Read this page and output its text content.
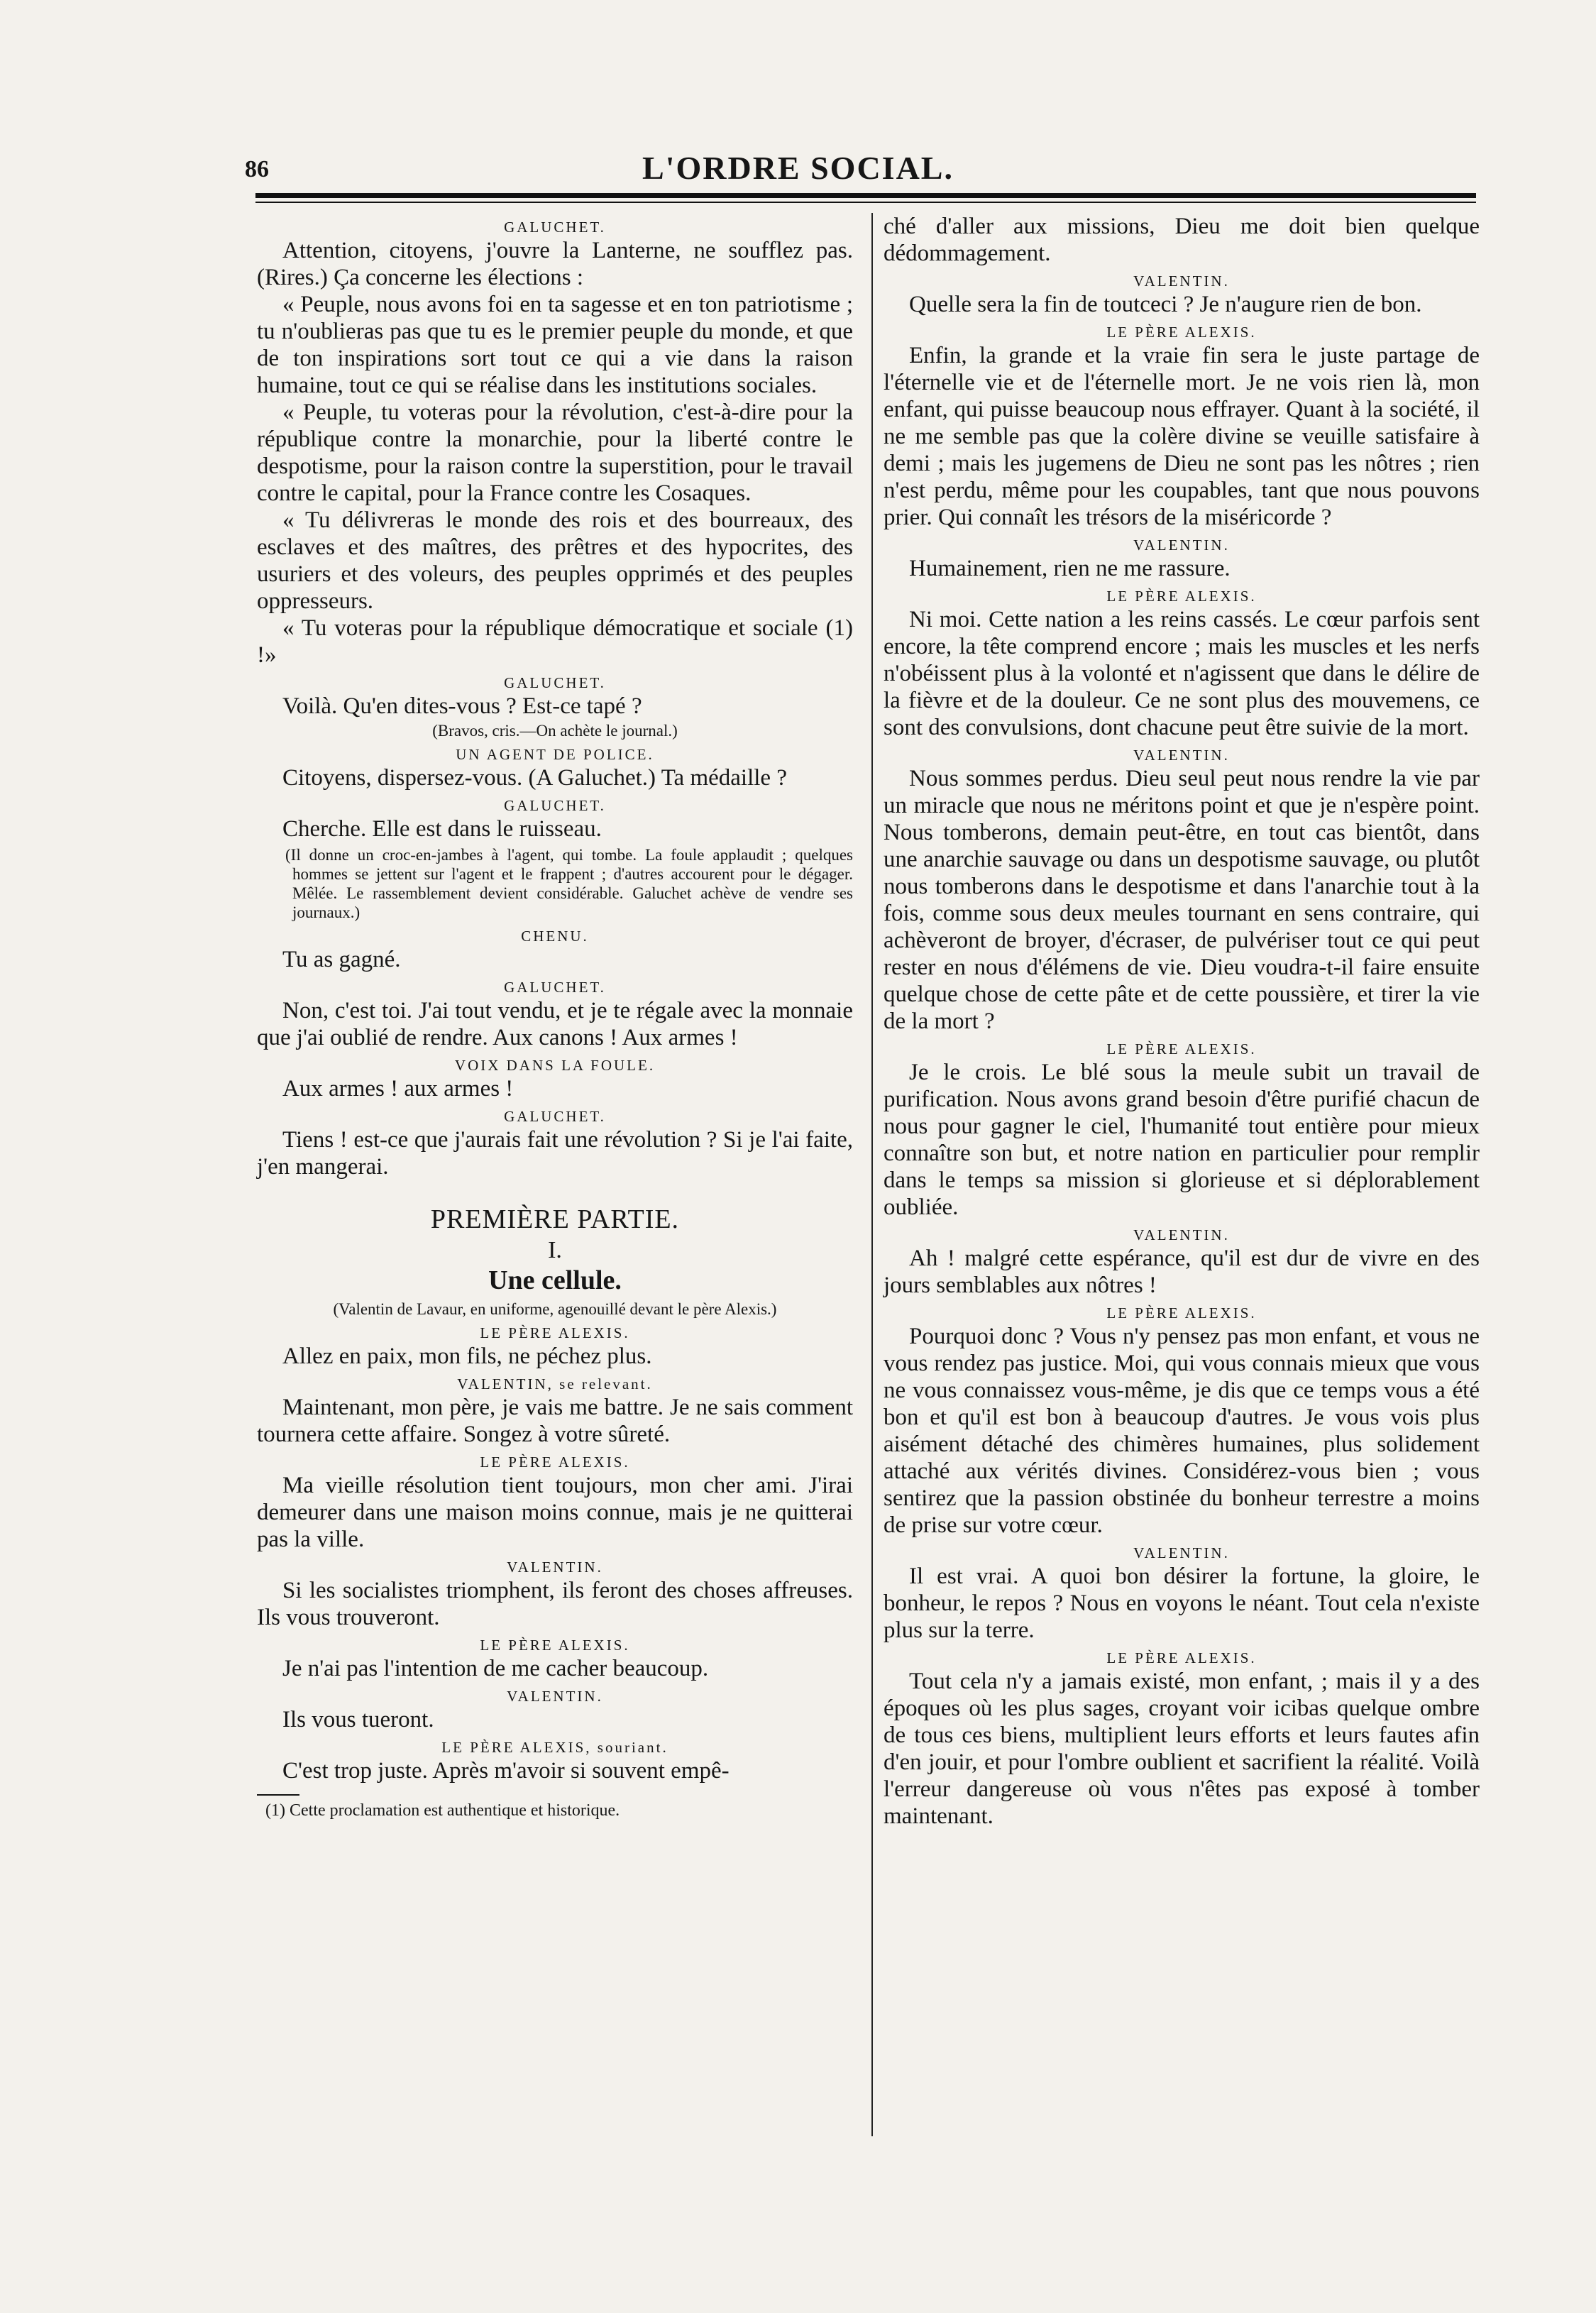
86	L'ORDRE SOCIAL.
GALUCHET.
Attention, citoyens, j'ouvre la Lanterne, ne soufflez pas. (Rires.) Ça concerne les élections :
« Peuple, nous avons foi en ta sagesse et en ton patriotisme ; tu n'oublieras pas que tu es le premier peuple du monde, et que de ton inspirations sort tout ce qui a vie dans la raison humaine, tout ce qui se réalise dans les institutions sociales.
« Peuple, tu voteras pour la révolution, c'est-à-dire pour la république contre la monarchie, pour la liberté contre le despotisme, pour la raison contre la superstition, pour le travail contre le capital, pour la France contre les Cosaques.
« Tu délivreras le monde des rois et des bourreaux, des esclaves et des maîtres, des prêtres et des hypocrites, des usuriers et des voleurs, des peuples opprimés et des peuples oppresseurs.
« Tu voteras pour la république démocratique et sociale (1) !»
GALUCHET.
Voilà. Qu'en dites-vous ? Est-ce tapé ?
(Bravos, cris.—On achète le journal.)
UN AGENT DE POLICE.
Citoyens, dispersez-vous. (A Galuchet.) Ta médaille ?
GALUCHET.
Cherche. Elle est dans le ruisseau.
(Il donne un croc-en-jambes à l'agent, qui tombe. La foule applaudit ; quelques hommes se jettent sur l'agent et le frappent ; d'autres accourent pour le dégager. Mêlée. Le rassemblement devient considérable. Galuchet achève de vendre ses journaux.)
CHENU.
Tu as gagné.
GALUCHET.
Non, c'est toi. J'ai tout vendu, et je te régale avec la monnaie que j'ai oublié de rendre. Aux canons ! Aux armes !
VOIX DANS LA FOULE.
Aux armes ! aux armes !
GALUCHET.
Tiens ! est-ce que j'aurais fait une révolution ? Si je l'ai faite, j'en mangerai.
PREMIÈRE PARTIE.
I.
Une cellule.
(Valentin de Lavaur, en uniforme, agenouillé devant le père Alexis.)
LE PÈRE ALEXIS.
Allez en paix, mon fils, ne péchez plus.
VALENTIN, se relevant.
Maintenant, mon père, je vais me battre. Je ne sais comment tournera cette affaire. Songez à votre sûreté.
LE PÈRE ALEXIS.
Ma vieille résolution tient toujours, mon cher ami. J'irai demeurer dans une maison moins connue, mais je ne quitterai pas la ville.
VALENTIN.
Si les socialistes triomphent, ils feront des choses affreuses. Ils vous trouveront.
LE PÈRE ALEXIS.
Je n'ai pas l'intention de me cacher beaucoup.
VALENTIN.
Ils vous tueront.
LE PÈRE ALEXIS, souriant.
C'est trop juste. Après m'avoir si souvent empê-
(1) Cette proclamation est authentique et historique.
ché d'aller aux missions, Dieu me doit bien quelque dédommagement.
VALENTIN.
Quelle sera la fin de toutceci ? Je n'augure rien de bon.
LE PÈRE ALEXIS.
Enfin, la grande et la vraie fin sera le juste partage de l'éternelle vie et de l'éternelle mort. Je ne vois rien là, mon enfant, qui puisse beaucoup nous effrayer. Quant à la société, il ne me semble pas que la colère divine se veuille satisfaire à demi ; mais les jugemens de Dieu ne sont pas les nôtres ; rien n'est perdu, même pour les coupables, tant que nous pouvons prier. Qui connaît les trésors de la miséricorde ?
VALENTIN.
Humainement, rien ne me rassure.
LE PÈRE ALEXIS.
Ni moi. Cette nation a les reins cassés. Le cœur parfois sent encore, la tête comprend encore ; mais les muscles et les nerfs n'obéissent plus à la volonté et n'agissent que dans le délire de la fièvre et de la douleur. Ce ne sont plus des mouvemens, ce sont des convulsions, dont chacune peut être suivie de la mort.
VALENTIN.
Nous sommes perdus. Dieu seul peut nous rendre la vie par un miracle que nous ne méritons point et que je n'espère point. Nous tomberons, demain peut-être, en tout cas bientôt, dans une anarchie sauvage ou dans un despotisme sauvage, ou plutôt nous tomberons dans le despotisme et dans l'anarchie tout à la fois, comme sous deux meules tournant en sens contraire, qui achèveront de broyer, d'écraser, de pulvériser tout ce qui peut rester en nous d'élémens de vie. Dieu voudra-t-il faire ensuite quelque chose de cette pâte et de cette poussière, et tirer la vie de la mort ?
LE PÈRE ALEXIS.
Je le crois. Le blé sous la meule subit un travail de purification. Nous avons grand besoin d'être purifié chacun de nous pour gagner le ciel, l'humanité tout entière pour mieux connaître son but, et notre nation en particulier pour remplir dans le temps sa mission si glorieuse et si déplorablement oubliée.
VALENTIN.
Ah ! malgré cette espérance, qu'il est dur de vivre en des jours semblables aux nôtres !
LE PÈRE ALEXIS.
Pourquoi donc ? Vous n'y pensez pas mon enfant, et vous ne vous rendez pas justice. Moi, qui vous connais mieux que vous ne vous connaissez vous-même, je dis que ce temps vous a été bon et qu'il est bon à beaucoup d'autres. Je vous vois plus aisément détaché des chimères humaines, plus solidement attaché aux vérités divines. Considérez-vous bien ; vous sentirez que la passion obstinée du bonheur terrestre a moins de prise sur votre cœur.
VALENTIN.
Il est vrai. A quoi bon désirer la fortune, la gloire, le bonheur, le repos ? Nous en voyons le néant. Tout cela n'existe plus sur la terre.
LE PÈRE ALEXIS.
Tout cela n'y a jamais existé, mon enfant, ; mais il y a des époques où les plus sages, croyant voir icibas quelque ombre de tous ces biens, multiplient leurs efforts et leurs fautes afin d'en jouir, et pour l'ombre oublient et sacrifient la réalité. Voilà l'erreur dangereuse où vous n'êtes pas exposé à tomber maintenant.
